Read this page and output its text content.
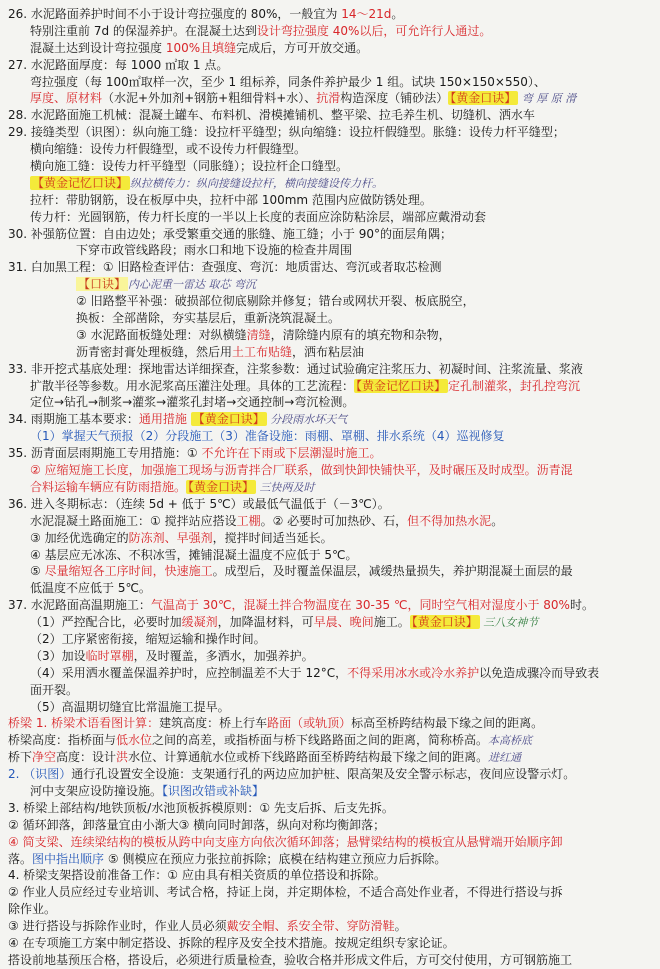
26. 水泥路面养护时间不小于设计弯拉强度的 80%，一般宜为 14～21d。
特别注重前 7d 的保湿养护。在混凝土达到设计弯拉强度 40%以后，可允许行人通过。
混凝土达到设计弯拉强度 100%且填缝完成后，方可开放交通。
27. 水泥路面厚度：每 1000 ㎡取 1 点。
弯拉强度（每 100㎡取样一次，至少 1 组标养，同条件养护最少 1 组。试块 150×150×550）、
厚度、原材料（水泥+外加剂+钢筋+粗细骨料+水）、抗滑构造深度（铺砂法） 【黄金口诀】 弯 厚 原 滑
28. 水泥路面施工机械：混凝土罐车、布料机、滑模摊铺机、整平梁、拉毛养生机、切缝机、洒水车
29. 接缝类型（识图）：纵向施工缝：设拉杆平缝型；纵向缩缝：设拉杆假缝型。胀缝：设传力杆平缝型；
横向缩缝：设传力杆假缝型，或不设传力杆假缝型。
横向施工缝：设传力杆平缝型（同胀缝）；设拉杆企口缝型。
【黄金记忆口诀】 纵拉横传力：纵向接缝设拉杆，横向接缝设传力杆。
拉杆：带肋钢筋，设在板厚中央，拉杆中部 100mm 范围内应做防锈处理。
传力杆：光圆钢筋，传力杆长度的一半以上长度的表面应涂防粘涂层，端部应戴滑动套
30. 补强筋位置：自由边处；承受繁重交通的胀缝、施工缝；小于 90°的面层角隅；
下穿市政管线路段；雨水口和地下设施的检查井周围
31. 白加黑工程：① 旧路检查评估：查强度、弯沉：地质雷达、弯沉或者取芯检测
【口诀】 内心泥重一雷达 取芯 弯沉
② 旧路整平补强：破损部位彻底剔除并修复；错台或网状开裂、板底脱空，
换板：全部凿除，夯实基层后，重新浇筑混凝土。
③ 水泥路面板缝处理：对纵横缝清缝，清除缝内原有的填充物和杂物，
沥青密封膏处理板缝，然后用土工布贴缝，洒布粘层油
33. 非开挖式基底处理：探地雷达详细探查，注浆参数：通过试验确定注浆压力、初凝时间、注浆流量、浆液
扩散半径等参数。用水泥浆高压灌注处理。具体的工艺流程： 【黄金记忆口诀】 定孔制灌浆，封孔控弯沉
定位→钻孔→制浆→灌浆→灌浆孔封堵→交通控制→弯沉检测。
34. 雨期施工基本要求：通用措施 【黄金口诀】 分段雨水坏天气
（1）掌握天气预报（2）分段施工（3）准备设施：雨棚、罩棚、排水系统（4）巡视修复
35. 沥青面层雨期施工专用措施：① 不允许在下雨或下层潮湿时施工。
② 应缩短施工长度，加强施工现场与沥青拌合厂联系，做到快卸快铺快平，及时碾压及时成型。沥青混
合料运输车辆应有防雨措施。 【黄金口诀】 三快两及时
36. 进入冬期标志：（连续 5d + 低于 5℃）或最低气温低于（－3℃）。
水泥混凝土路面施工：① 搅拌站应搭设工棚。② 必要时可加热砂、石，但不得加热水泥。
③ 加经优选确定的防冻剂、早强剂，搅拌时间适当延长。
④ 基层应无冰冻、不积冰雪，摊铺混凝土温度不应低于 5℃。
⑤ 尽量缩短各工序时间，快速施工。成型后，及时覆盖保温层，减缓热量损失，养护期混凝土面层的最
低温度不应低于 5℃。
37. 水泥路面高温期施工：气温高于 30℃，混凝土拌合物温度在 30-35 ℃，同时空气相对湿度小于 80%时。
（1）严控配合比，必要时加缓凝剂，加降温材料，可早晨、晚间施工。 【黄金口诀】 三八女神节
（2）工序紧密衔接，缩短运输和操作时间。
（3）加设临时罩棚，及时覆盖，多洒水，加强养护。
（4）采用洒水覆盖保温养护时，应控制温差不大于 12°C，不得采用冰水或冷水养护以免造成骤冷而导致表
面开裂。
（5）高温期切缝宜比常温施工提早。
桥梁 1. 桥梁术语看图计算：建筑高度：桥上行车路面（或轨顶）标高至桥跨结构最下缘之间的距离。
桥梁高度：指桥面与低水位之间的高差，或指桥面与桥下线路路面之间的距离，简称桥高。本高桥底
桥下净空高度：设计洪水位、计算通航水位或桥下线路路面至桥跨结构最下缘之间的距离。进红通
2. （识图）通行孔设置安全设施：支架通行孔的两边应加护桩、限高架及安全警示标志，夜间应设警示灯。
河中支架应设防撞设施。【识图改错或补缺】
3. 桥梁上部结构/地铁顶板/水池顶板拆模原则：① 先支后拆、后支先拆。
② 循环卸落，卸落量宜由小渐大③ 横向同时卸落，纵向对称均衡卸落；
④ 简支梁、连续梁结构的模板从跨中向支座方向依次循环卸落；悬臂梁结构的模板宜从悬臂端开始顺序卸
落。图中指出顺序 ⑤ 侧模应在预应力张拉前拆除；底模在结构建立预应力后拆除。
4. 桥梁支架搭设前准备工作：① 应由具有相关资质的单位搭设和拆除。
② 作业人员应经过专业培训、考试合格，持证上岗，并定期体检，不适合高处作业者，不得进行搭设与拆
除作业。
③ 进行搭设与拆除作业时，作业人员必须戴安全帽、系安全带、穿防滑鞋。
④ 在专项施工方案中制定搭设、拆除的程序及安全技术措施。按规定组织专家论证。
搭设前地基预压合格，搭设后，必须进行质量检查，验收合格并形成文件后，方可交付使用，方可钢筋施工
